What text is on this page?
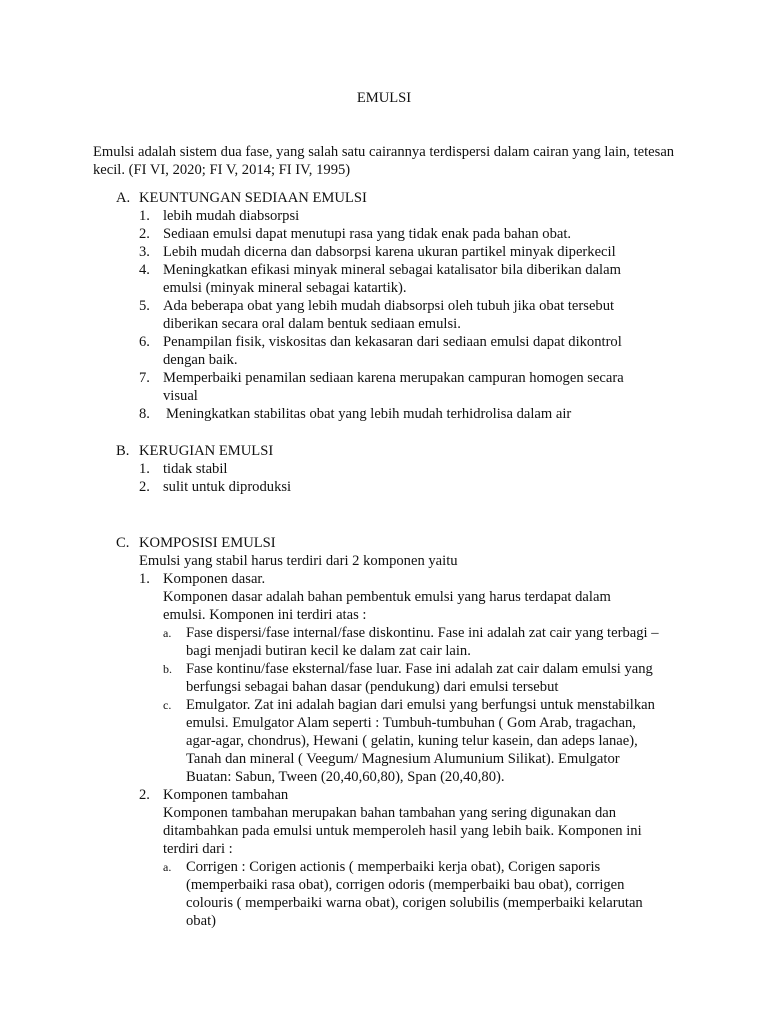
EMULSI
Emulsi adalah sistem dua fase, yang salah satu cairannya terdispersi dalam cairan yang lain, tetesan kecil. (FI VI, 2020; FI V, 2014; FI IV, 1995)
A. KEUNTUNGAN SEDIAAN EMULSI
1. lebih mudah diabsorpsi
2. Sediaan emulsi dapat menutupi rasa yang tidak enak pada bahan obat.
3. Lebih mudah dicerna dan dabsorpsi karena ukuran partikel minyak diperkecil
4. Meningkatkan efikasi minyak mineral sebagai katalisator bila diberikan dalam emulsi (minyak mineral sebagai katartik).
5. Ada beberapa obat yang lebih mudah diabsorpsi oleh tubuh jika obat tersebut diberikan secara oral dalam bentuk sediaan emulsi.
6. Penampilan fisik, viskositas dan kekasaran dari sediaan emulsi dapat dikontrol dengan baik.
7. Memperbaiki penamilan sediaan karena merupakan campuran homogen secara visual
8. Meningkatkan stabilitas obat yang lebih mudah terhidrolisa dalam air
B. KERUGIAN EMULSI
1. tidak stabil
2. sulit untuk diproduksi
C. KOMPOSISI EMULSI
Emulsi yang stabil harus terdiri dari 2 komponen yaitu
1. Komponen dasar.
Komponen dasar adalah bahan pembentuk emulsi yang harus terdapat dalam emulsi. Komponen ini terdiri atas :
a. Fase dispersi/fase internal/fase diskontinu. Fase ini adalah zat cair yang terbagi – bagi menjadi butiran kecil ke dalam zat cair lain.
b. Fase kontinu/fase eksternal/fase luar. Fase ini adalah zat cair dalam emulsi yang berfungsi sebagai bahan dasar (pendukung) dari emulsi tersebut
c. Emulgator. Zat ini adalah bagian dari emulsi yang berfungsi untuk menstabilkan emulsi. Emulgator Alam seperti : Tumbuh-tumbuhan ( Gom Arab, tragachan, agar-agar, chondrus), Hewani ( gelatin, kuning telur kasein, dan adeps lanae), Tanah dan mineral ( Veegum/ Magnesium Alumunium Silikat). Emulgator Buatan: Sabun, Tween (20,40,60,80), Span (20,40,80).
2. Komponen tambahan
Komponen tambahan merupakan bahan tambahan yang sering digunakan dan ditambahkan pada emulsi untuk memperoleh hasil yang lebih baik. Komponen ini terdiri dari :
a. Corrigen : Corigen actionis ( memperbaiki kerja obat), Corigen saporis (memperbaiki rasa obat), corrigen odoris (memperbaiki bau obat), corrigen colouris ( memperbaiki warna obat), corigen solubilis (memperbaiki kelarutan obat)
